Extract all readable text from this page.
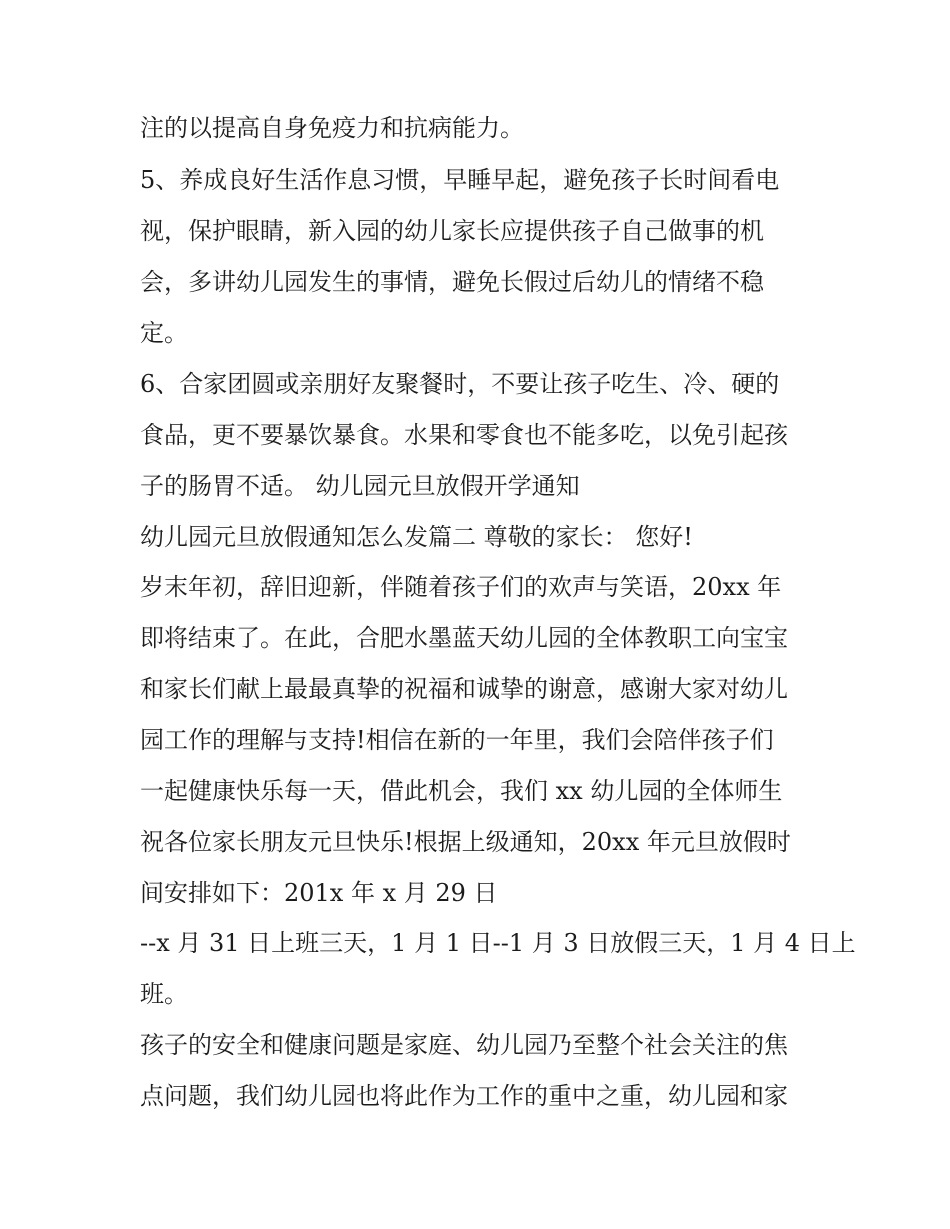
注的以提高自身免疫力和抗病能力。
5、养成良好生活作息习惯，早睡早起，避免孩子长时间看电
视，保护眼睛，新入园的幼儿家长应提供孩子自己做事的机
会，多讲幼儿园发生的事情，避免长假过后幼儿的情绪不稳
定。
6、合家团圆或亲朋好友聚餐时，不要让孩子吃生、冷、硬的
食品，更不要暴饮暴食。水果和零食也不能多吃，以免引起孩
子的肠胃不适。 幼儿园元旦放假开学通知
幼儿园元旦放假通知怎么发篇二 尊敬的家长： 您好!
岁末年初，辞旧迎新，伴随着孩子们的欢声与笑语，20xx 年
即将结束了。在此，合肥水墨蓝天幼儿园的全体教职工向宝宝
和家长们献上最最真挚的祝福和诚挚的谢意，感谢大家对幼儿
园工作的理解与支持!相信在新的一年里，我们会陪伴孩子们
一起健康快乐每一天，借此机会，我们 xx 幼儿园的全体师生
祝各位家长朋友元旦快乐!根据上级通知，20xx 年元旦放假时
间安排如下：201x 年 x 月 29 日
--x 月 31 日上班三天，1 月 1 日--1 月 3 日放假三天，1 月 4 日上
班。
孩子的安全和健康问题是家庭、幼儿园乃至整个社会关注的焦
点问题，我们幼儿园也将此作为工作的重中之重，幼儿园和家
